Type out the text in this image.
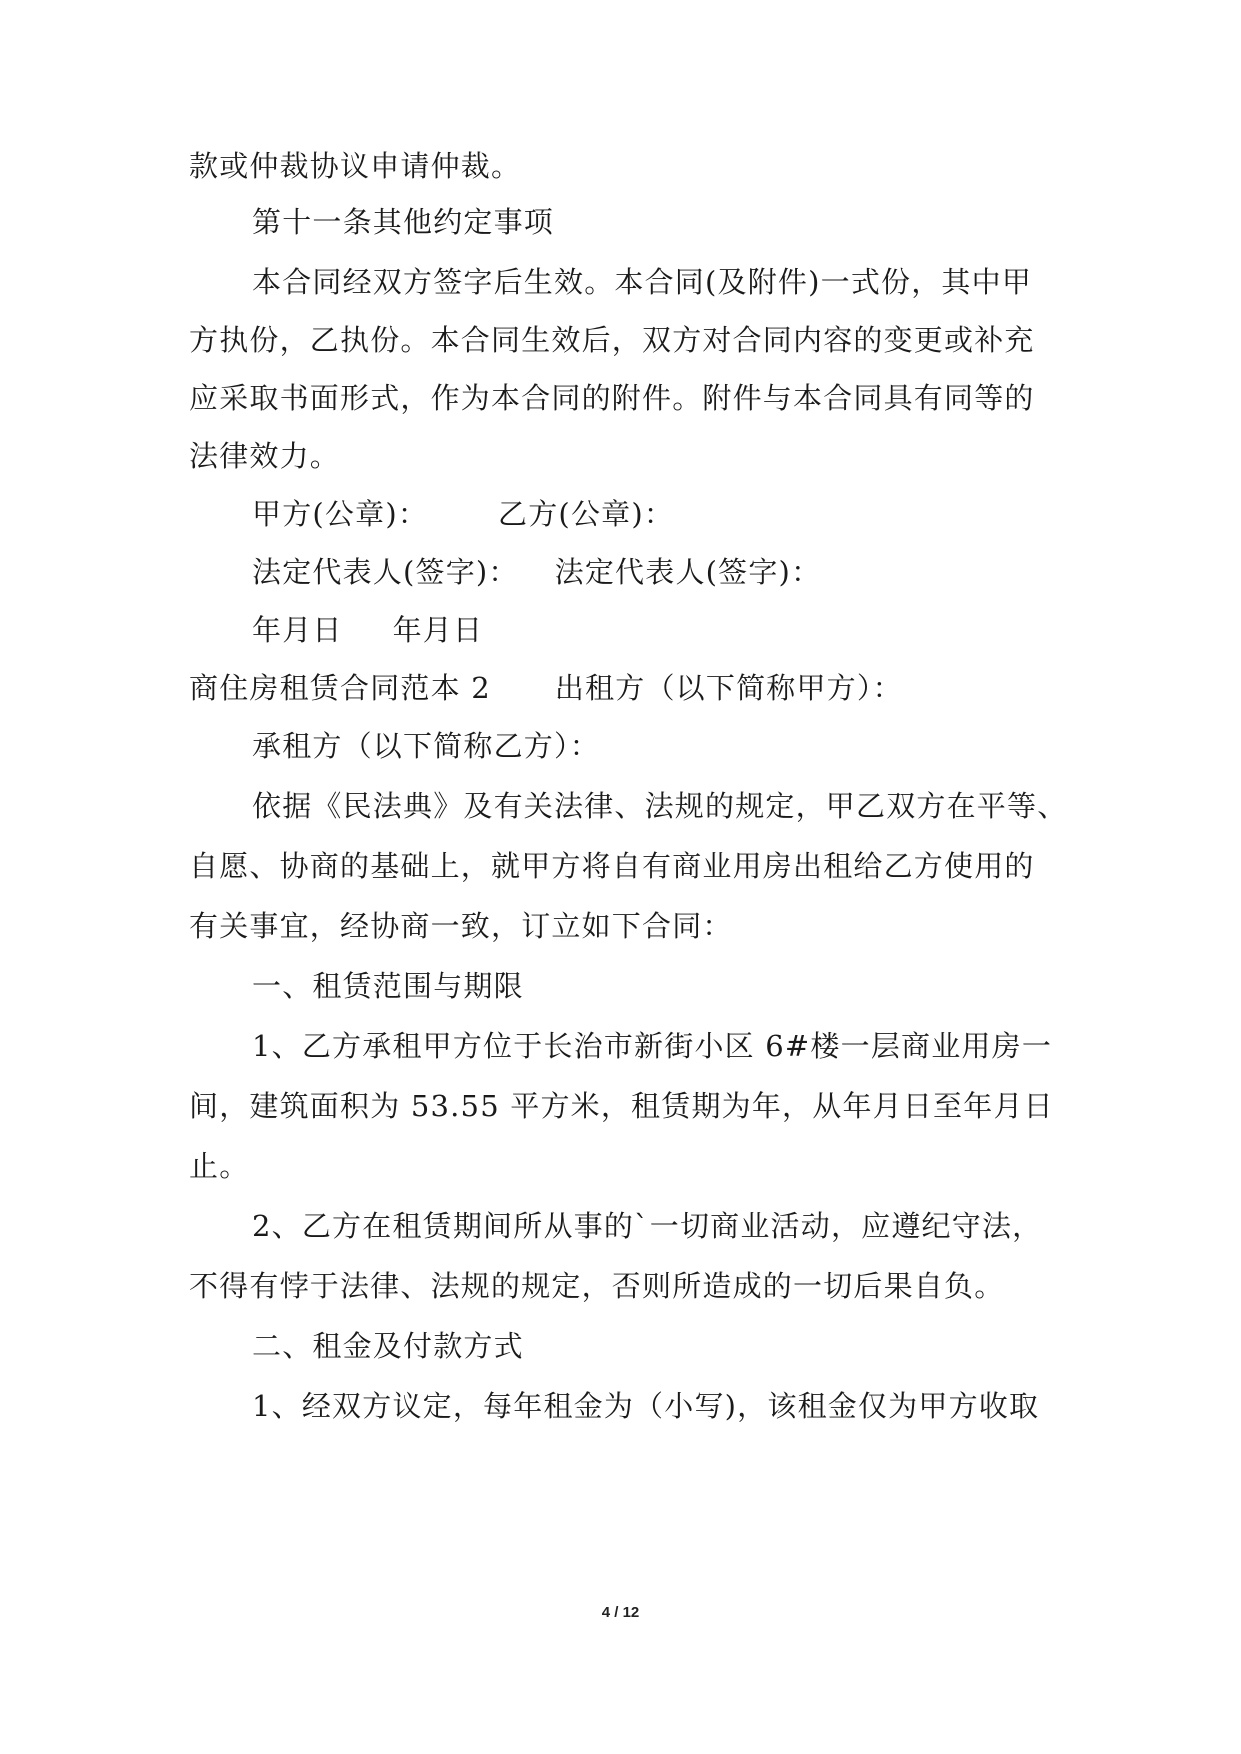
款或仲裁协议申请仲裁。
第十一条其他约定事项
本合同经双方签字后生效。本合同(及附件)一式份，其中甲
方执份，乙执份。本合同生效后，双方对合同内容的变更或补充
应采取书面形式，作为本合同的附件。附件与本合同具有同等的
法律效力。
甲方(公章)： 乙方(公章)：
法定代表人(签字)： 法定代表人(签字)：
年月日 年月日
商住房租赁合同范本 2 出租方（以下简称甲方）：
承租方（以下简称乙方）：
依据《民法典》及有关法律、法规的规定，甲乙双方在平等、
自愿、协商的基础上，就甲方将自有商业用房出租给乙方使用的
有关事宜，经协商一致，订立如下合同：
一、租赁范围与期限
1、乙方承租甲方位于长治市新街小区 6#楼一层商业用房一
间，建筑面积为 53.55 平方米，租赁期为年，从年月日至年月日
止。
2、乙方在租赁期间所从事的`一切商业活动，应遵纪守法，
不得有悖于法律、法规的规定，否则所造成的一切后果自负。
二、租金及付款方式
1、经双方议定，每年租金为（小写)，该租金仅为甲方收取
4 / 12
